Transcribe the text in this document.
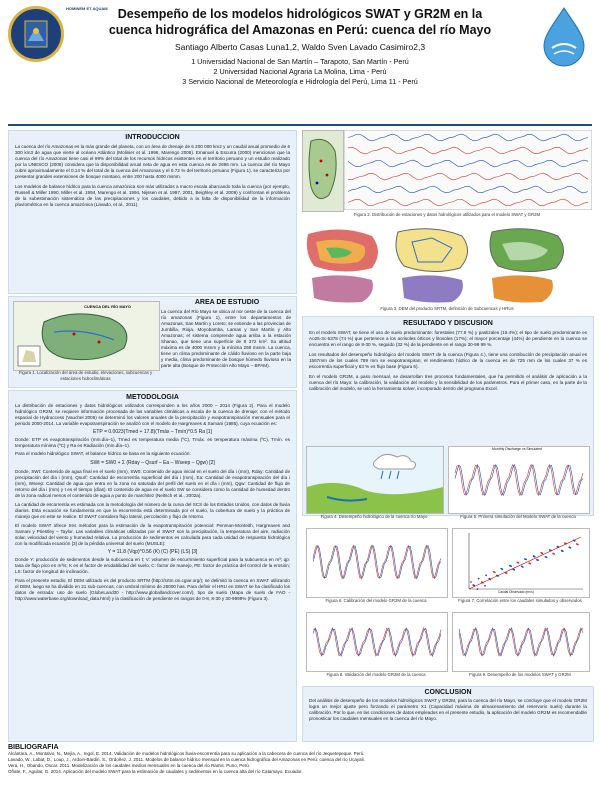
HOMINEM ET AQUAM Desempeño de los modelos hidrológicos SWAT y GR2M en la
cuenca hidrográfica del Amazonas en Perú: cuenca del río Mayo
Santiago Alberto Casas Luna1,2, Waldo Sven Lavado Casimiro2,3
1 Universidad Nacional de San Martín – Tarapoto, San Martín - Perú
2 Universidad Nacional Agraria La Molina, Lima - Perú
3 Servicio Nacional de Meteorología e Hidrología del Perú, Lima 11 - Perú
INTRODUCCION
La cuenca del río Amazonas es la más grande del planeta, con un área de drenaje de 6 200 000 km2 y un caudal anual promedio de 6 300 km3 de agua que vierte al océano Atlántico (Molinier et al. 1996, Marengo 2006). Emanuel & Escurra (2000) mencionan que la cuenca del río Amazonas tiene casi el 99% del total de los recursos hídricos existentes en el territorio peruano y un estudio realizado por la UNESCO (2006) considera que la disponibilidad anual neta de agua en esta cuenca es de 2696 mm. La cuenca del río Mayo cubre aproximadamente el 0.14 % del total de la cuenca del Amazonas y el 0.72 % del territorio peruano (Figura 1), se caracteriza por presentar grandes extensiones de bosque montano, entre 200 hasta 4000 msnm.
Los modelos de balance hídrico para la cuenca amazónica son más utilizados a macro escala abarcando toda la cuenca (por ejemplo, Russell & Miller 1990, Miller et al. 1994, Marengo et al. 1994, Nijssen et al. 1997, 2001, Beighley et al. 2009) y confrontan el problema de la subestimación sistemática de las precipitaciones y los caudales, debido a la falta de disponibilidad de la información pluviométrica en la cuenca amazónica (Lavado, et al., 2011).
CUENCA DEL RÍO MAYO
AREA DE ESTUDIO
La cuenca del Río Mayo se ubica al nor oeste de la cuenca del río amazonas (Figura 1), entre los departamentos de Amazonas, San Martín y Loreto; se extiende a las provincias de Jumbilla, Rioja, Moyobamba, Lamas y San Martín y Alto Amazonas; el sistema comprende agua arriba a la estación Shanao, que tiene una superficie de 8 372 km². Su altitud máxima es de 4000 msnm y la mínima 268 msnm. La cuenca, tiene un clima predominante de cálido lluvioso en la parte baja y media, clima predominante de bosque húmedo lluvioso en la parte alta (Bosque de Protección Alto Mayo – BPAM).
Figura 1. Localización del área de estudio, elevaciones, subcuencas y estaciones hidroclimáticas
METODOLOGIA
La distribución de estaciones y datos hidrológicos utilizados corresponden a los años 2000 – 2014 (Figura 2). Para el modelo hidrológico GR2M, se requiere información procesada de las variables climáticas a escala de la cuenca de drenaje; con el método espacial de Hydraccess (Vauchel 2006) se determinó los valores anuales de la precipitación y evapotranspiración mensuales para el periodo 2000-2014. La variable evapotranspiración se analizó con el modelo de Hargreaves & Samani (1985), cuya ecuación es:
ETP = 0.0023(Tmed + 17.8)(Tmáx – Tmín)^0.5 Ra [1]
Donde: ETP es evapotranspiración (mm.día–1), Tmed es temperatura media (ºC), Tmáx. es temperatura máxima (ºC), Tmín. es temperatura mínima (ºC) y Ra es Radiación (mm.día–1).
Para el modelo hidrológico SWAT, el balance hídrico se basa en la siguiente ecuación:
SWt = SW0 + Σ (Rday – Qsurf – Ea – Wseep – Qgw) [2]
Donde, SWt: Contenido de agua final en el suelo (mm), SW0: Contenido de agua inicial en el suelo del día i (mm), Rday: Cantidad de precipitación del día i (mm), Qsurf: Cantidad de escorrentía superficial del día i (mm), Ea: Cantidad de evapotranspiración del día i (mm), Wseep: Cantidad de agua que entra en la zona no saturada del perfil del suelo en el día i (mm), Qgw: Cantidad de flujo de retorno del día i (mm) y t es el tiempo (días). El contenido de agua en el suelo SW se considera como la cantidad de humedad dentro de la zona radical menos el contenido de agua a punto de marchitez (Neitsch et al., 2002a).
La cantidad de escorrentía es estimada con la metodología del número de la curva del SCS de los Estados Unidos, con datos de lluvia diarios. Esta ecuación se fundamenta en que la escorrentía está determinada por el suelo, la cobertura de suelo y la práctica de manejo que en este se realice. El SWAT considera flujo lateral, percolación y flujo de retorno.
El modelo SWAT ofrece tres métodos para la estimación de la evapotranspiración potencial: Penman-Monteith, Hargreaves and Samani y Priestley – Taylor. Las variables climáticas utilizadas por el SWAT son la precipitación, la temperatura del aire, radiación solar, velocidad del viento y humedad relativa. La producción de sedimentos es calculada para cada unidad de respuesta hidrológica con la modificada ecuación [3] de la pérdida universal del suelo (MUSLE):
Y = 11.8 (Vqp)^0.56 (K) (C) (PE) (LS) [3]
Donde Y: producción de sedimentos desde la subcuenca en t; V: volumen de escurrimiento superficial para la subcuenca en m³; qp: tasa de flujo pico en m³/s; K es el factor de erodabilidad del suelo, C: factor de manejo, PE: factor de práctica del control de la erosión; LS: factor de longitud de inclinación.
Para el presente estudio, El DEM utilizado es del producto SRTM (http://srtm.csi.cgiar.org/); se delimitó la cuenca en SWAT utilizando el DEM, luego se ha dividido en 21 sub-cuencas, con umbral mínimo de 25000 has. Para definir el HRU en SWAT se ha clasificado los datos de entrada: uso de suelo (GlobeLand30 - http://www.globallandcover.com/), tipo de suelo (Mapa de suelo de FAO - http://www.waterbase.org/download_data.html) y la clasificación de pendiente en rangos de 0-8, 8-30 y 30-9999% (Figura 3).
Figura 2. Distribución de estaciones y datos hidrológicos utilizados para el modelo SWAT y GR2M
Figura 3. DEM del producto SRTM, definición de Subcuencas y HRUs
RESULTADO Y DISCUSION
En el modelo SWAT, se tiene el uso de suelo predominante: forestales (77.9 %) y pastizales (19.4%); el tipo de suelo predominante es Ao25-3c-5378 (74 %) que pertenece a los acrisoles órticos y litosoles (17%); el mayor porcentaje (44%) de pendiente en la cuenca se encuentra en el rango de 8-30 %, seguido (32 %) de la pendiente en el rango 30-99 99 %.
Los resultados del desempeño hidrológico del modelo SWAT de la cuenca (Figura 4.), tiene una contribución de precipitación anual es 1567mm de los cuales 789 mm se evapotranspiran; el rendimiento hídrico de la cuenca es de 725 mm de los cuales 37 % es escorrentía superficial y 63 % es flujo base (Figura 5).
En el modelo GR2M, a paso mensual, se desarrollan tres procesos fundamentales, que ha permitido el análisis de aplicación a la cuenca del río Mayo: la calibración, la validación del modelo y la sensibilidad de los parámetros. Para el primer caso, en la parte de la calibración del modelo, se usó la herramienta solver, incorporado dentro del programa Excel.
Monthly Discharge vs Simulated
Figura 4. Desempeño hidrológico de la cuenca río Mayo	Figura 5. Primera simulación del Modelo SWAT de la cuenca
Caudal Observado (m³/s)
Figura 6. Calibración del modelo GR2M de la cuenca	Figura 7. Correlación entre los caudales simulados y observados
Figura 8. Validación del modelo GR2M de la cuenca	Figura 9. Desempeño de los modelos SWAT y GR2M
CONCLUSION
Del análisis de desempeño de los modelos hidrológicos SWAT y GR2M, para la cuenca del río Mayo, se concluye que el modelo GR2M logra un mejor ajuste pero forzando el parámetro X1 (Capacidad máxima de almacenamiento del reservorio suelo) durante la calibración. Por lo que, en las condiciones de datos empleados en el presente estudio, la aplicación del modelo GR2M es recomendable pronosticar los caudales mensuales en la cuenca del río Mayo.
BIBLIOGRAFIA
Alcántara, A., Montalvo, N., Mejía, A., Ingol, E. 2014. Validación de modelos hidrológicos lluvia-escorrentía para su aplicación a la cabecera de cuenca del río Jequetepeque. Perú.
Lavado, W., Labat, D., Loup, J., Ardoin-Bardin, S., Ordoñez, J. 2011. Modelos de balance hídrico mensual en la cuenca hidrográfica del Amazonas en Perú: cuenca del río Ucayali.
Vera, H., Obando, Oscar. 2011. Modelización de los caudales medios mensuales en la cuenca del río Ramis. Puno, Perú.
Oñate, F., Aguilar, G. 2014. Aplicación del modelo SWAT para la estimación de caudales y sedimentos en la cuenca alta del río Catamayo. Ecuador.
